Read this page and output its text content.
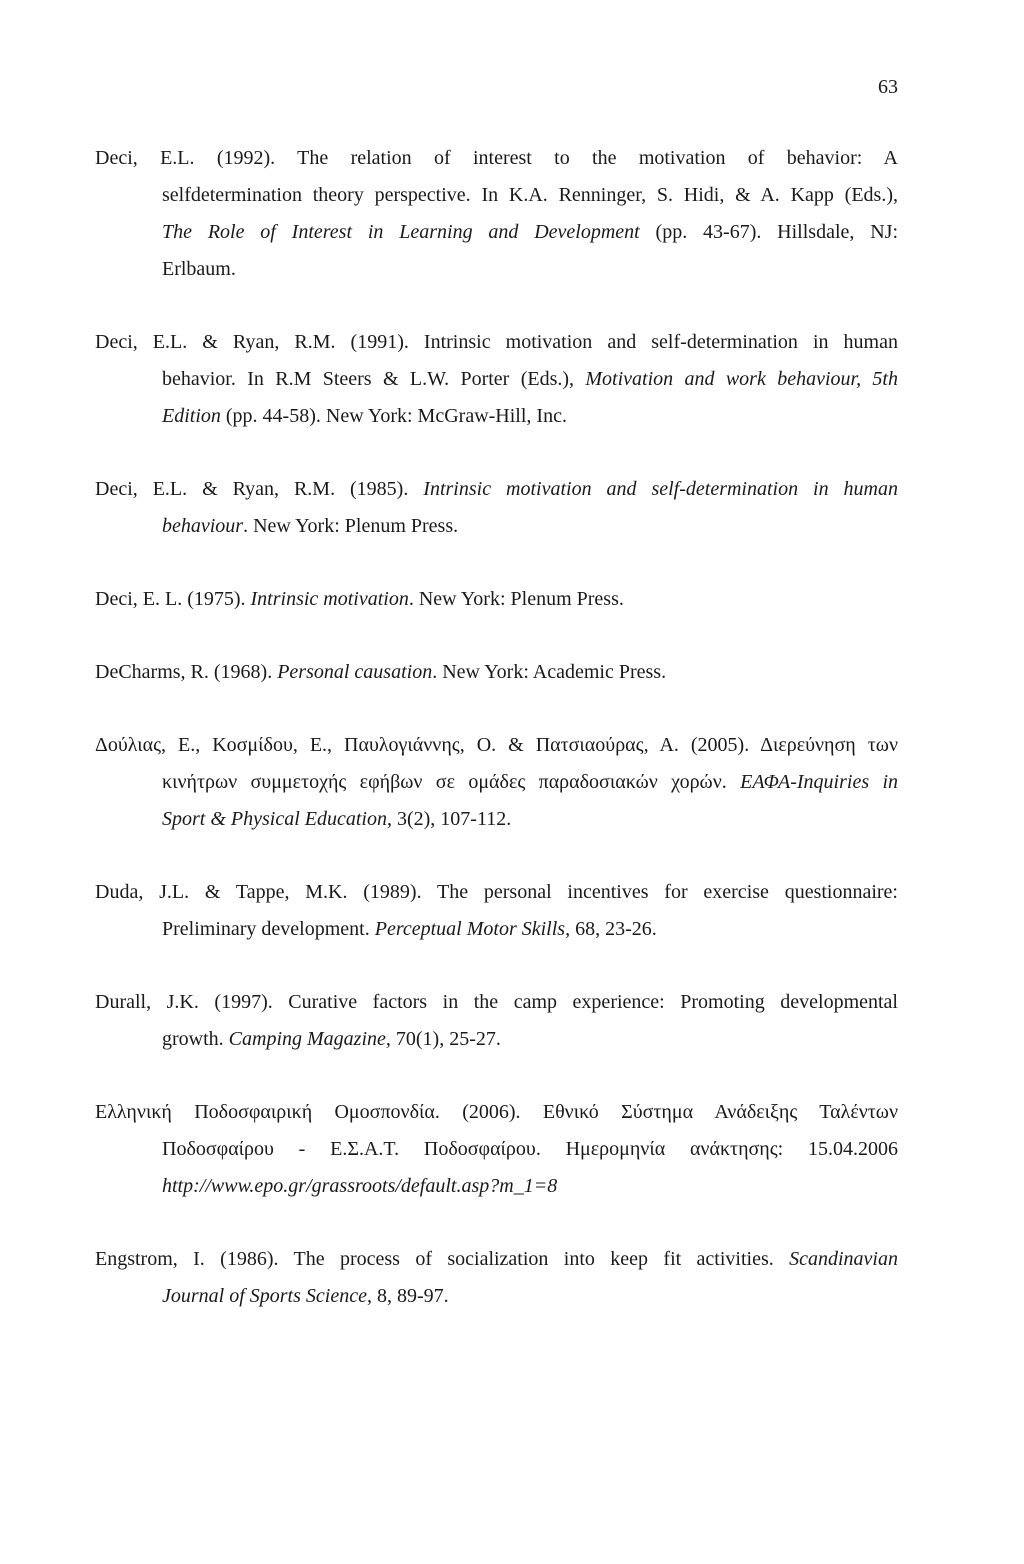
63
Deci, E.L. (1992). The relation of interest to the motivation of behavior: A
selfdetermination theory perspective. In K.A. Renninger, S. Hidi, & A. Kapp (Eds.),
The Role of Interest in Learning and Development (pp. 43-67). Hillsdale, NJ:
Erlbaum.
Deci, E.L. & Ryan, R.M. (1991). Intrinsic motivation and self-determination in human
behavior. In R.M Steers & L.W. Porter (Eds.), Motivation and work behaviour, 5th
Edition (pp. 44-58). New York: McGraw-Hill, Inc.
Deci, E.L. & Ryan, R.M. (1985). Intrinsic motivation and self-determination in human
behaviour. New York: Plenum Press.
Deci, E. L. (1975). Intrinsic motivation. New York: Plenum Press.
DeCharms, R. (1968). Personal causation. New York: Academic Press.
Δούλιας, Ε., Κοσμίδου, Ε., Παυλογιάννης, Ο. & Πατσιαούρας, Α. (2005). Διερεύνηση των
κινήτρων συμμετοχής εφήβων σε ομάδες παραδοσιακών χορών. ΕΑΦΑ-Inquiries in
Sport & Physical Education, 3(2), 107-112.
Duda, J.L. & Tappe, M.K. (1989). The personal incentives for exercise questionnaire:
Preliminary development. Perceptual Motor Skills, 68, 23-26.
Durall, J.K. (1997). Curative factors in the camp experience: Promoting developmental
growth. Camping Magazine, 70(1), 25-27.
Ελληνική Ποδοσφαιρική Ομοσπονδία. (2006). Εθνικό Σύστημα Ανάδειξης Ταλέντων
Ποδοσφαίρου - Ε.Σ.Α.Τ. Ποδοσφαίρου. Ημερομηνία ανάκτησης: 15.04.2006
http://www.epo.gr/grassroots/default.asp?m_1=8
Engstrom, I. (1986). The process of socialization into keep fit activities. Scandinavian
Journal of Sports Science, 8, 89-97.
